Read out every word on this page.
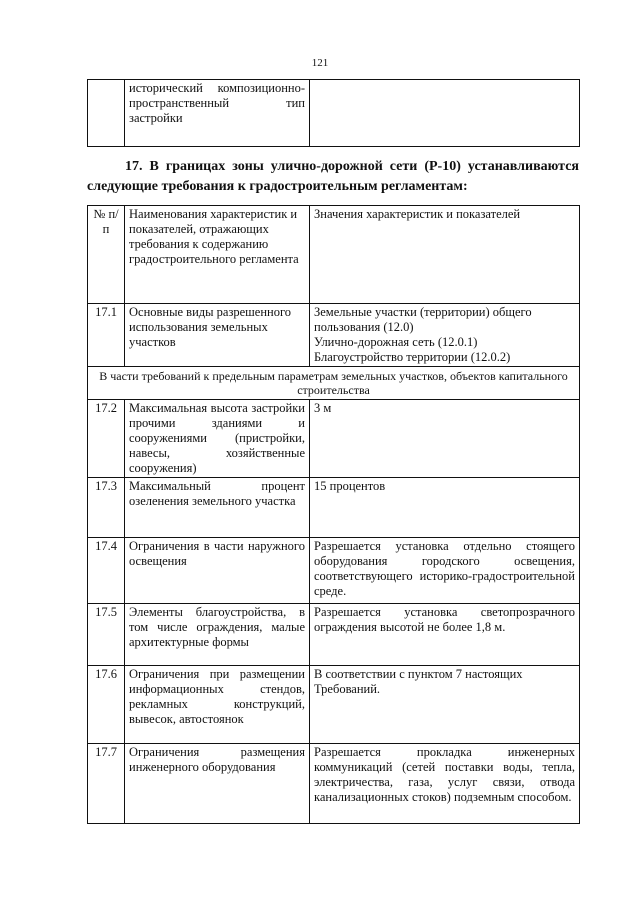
121
	исторический композиционно-пространственный тип застройки	

17. В границах зоны улично-дорожной сети (Р-10) устанавливаются следующие требования к градостроительным регламентам:

№ п/п	Наименования характеристик и показателей, отражающих требования к содержанию градостроительного регламента	Значения характеристик и показателей
17.1	Основные виды разрешенного использования земельных участков	Земельные участки (территории) общего пользования (12.0)
Улично-дорожная сеть (12.0.1)
Благоустройство территории (12.0.2)

В части требований к предельным параметрам земельных участков, объектов капитального строительства		
17.2	Максимальная высота застройки прочими зданиями и сооружениями (пристройки, навесы, хозяйственные сооружения)	3 м
17.3	Максимальный процент озеленения земельного участка	15 процентов
17.4	Ограничения в части наружного освещения	Разрешается установка отдельно стоящего оборудования городского освещения, соответствующего историко-градостроительной среде.
17.5	Элементы благоустройства, в том числе ограждения, малые архитектурные формы	Разрешается установка светопрозрачного ограждения высотой не более 1,8 м.
17.6	Ограничения при размещении информационных стендов, рекламных конструкций, вывесок, автостоянок	В соответствии с пунктом 7 настоящих Требований.
17.7	Ограничения размещения инженерного оборудования	Разрешается прокладка инженерных коммуникаций (сетей поставки воды, тепла, электричества, газа, услуг связи, отвода канализационных стоков) подземным способом.
